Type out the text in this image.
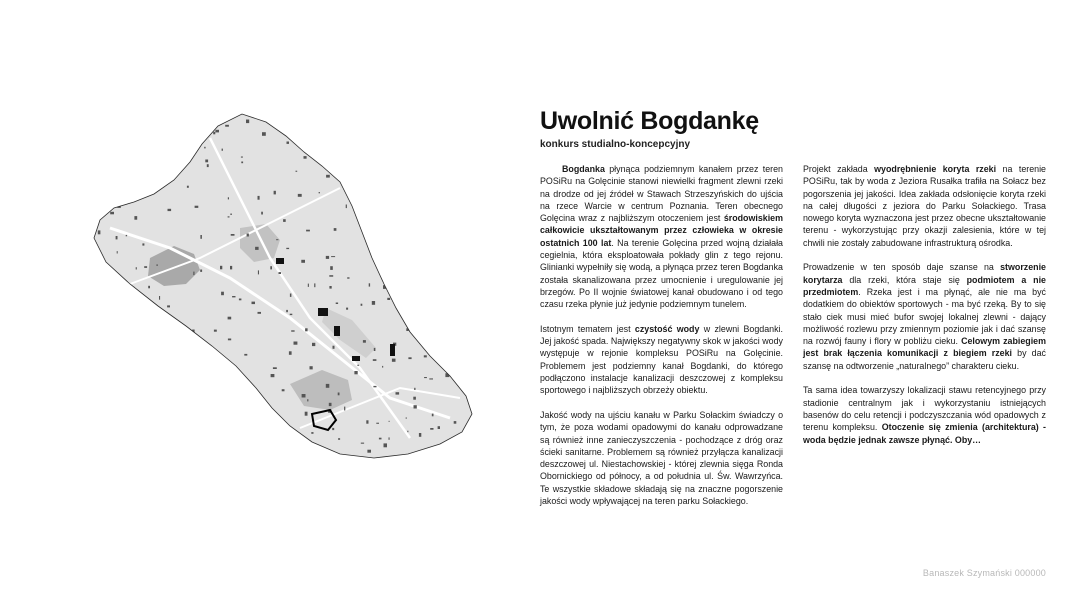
Uwolnić Bogdankę
konkurs studialno-koncepcyjny

Bogdanka płynąca podziemnym kanałem przez teren POSiRu na Golęcinie stanowi niewielki fragment zlewni rzeki na drodze od jej źródeł w Stawach Strzeszyńskich do ujścia na rzece Warcie w centrum Poznania. Teren obecnego Golęcina wraz z najbliższym otoczeniem jest środowiskiem całkowicie ukształtowanym przez człowieka w okresie ostatnich 100 lat. Na terenie Golęcina przed wojną działała cegielnia, która eksploatowała pokłady glin z tego rejonu. Glinianki wypełniły się wodą, a płynąca przez teren Bogdanka została skanalizowana przez umocnienie i uregulowanie jej brzegów. Po II wojnie światowej kanał obudowano i od tego czasu rzeka płynie już jedynie podziemnym tunelem.

Istotnym tematem jest czystość wody w zlewni Bogdanki. Jej jakość spada. Największy negatywny skok w jakości wody występuje w rejonie kompleksu POSiRu na Golęcinie. Problemem jest podziemny kanał Bogdanki, do którego podłączono instalacje kanalizacji deszczowej z kompleksu sportowego i najbliższych obrzeży obiektu.

Jakość wody na ujściu kanału w Parku Sołackim świadczy o tym, że poza wodami opadowymi do kanału odprowadzane są również inne zanieczyszczenia - pochodzące z dróg oraz ścieki sanitarne. Problemem są również przyłącza kanalizacji deszczowej ul. Niestachowskiej - której zlewnia sięga Ronda Obornickiego od północy, a od południa ul. Św. Wawrzyńca. Te wszystkie składowe składają się na znaczne pogorszenie jakości wody wpływającej na teren parku Sołackiego.

Projekt zakłada wyodrębnienie koryta rzeki na terenie POSiRu, tak by woda z Jeziora Rusałka trafiła na Sołacz bez pogorszenia jej jakości. Idea zakłada odsłonięcie koryta rzeki na całej długości z jeziora do Parku Sołackiego. Trasa nowego koryta wyznaczona jest przez obecne ukształtowanie terenu - wykorzystując przy okazji zalesienia, które w tej chwili nie zostały zabudowane infrastrukturą ośrodka.

Prowadzenie w ten sposób daje szanse na stworzenie korytarza dla rzeki, która staje się podmiotem a nie przedmiotem. Rzeka jest i ma płynąć, ale nie ma być dodatkiem do obiektów sportowych - ma być rzeką. By to się stało ciek musi mieć bufor swojej lokalnej zlewni - dający możliwość rozlewu przy zmiennym poziomie jak i dać szansę na rozwój fauny i flory w pobliżu cieku. Celowym zabiegiem jest brak łączenia komunikacji z biegiem rzeki by dać szansę na odtworzenie „naturalnego” charakteru cieku.

Ta sama idea towarzyszy lokalizacji stawu retencyjnego przy stadionie centralnym jak i wykorzystaniu istniejących basenów do celu retencji i podczyszczania wód opadowych z terenu kompleksu. Otoczenie się zmienia (architektura) - woda będzie jednak zawsze płynąć. Oby…

Banaszek Szymański 000000
